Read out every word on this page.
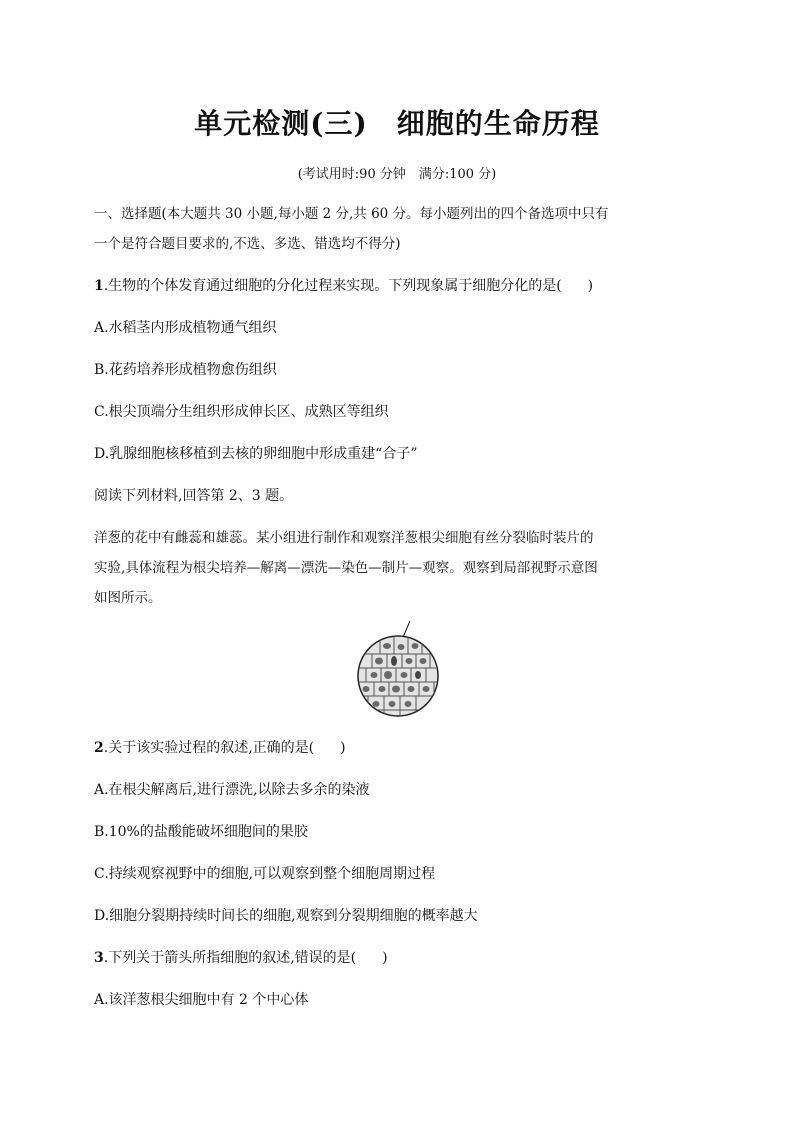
单元检测(三)　细胞的生命历程
(考试用时:90 分钟　满分:100 分)
一、选择题(本大题共 30 小题,每小题 2 分,共 60 分。每小题列出的四个备选项中只有
一个是符合题目要求的,不选、多选、错选均不得分)
1.生物的个体发育通过细胞的分化过程来实现。下列现象属于细胞分化的是( )
A.水稻茎内形成植物通气组织
B.花药培养形成植物愈伤组织
C.根尖顶端分生组织形成伸长区、成熟区等组织
D.乳腺细胞核移植到去核的卵细胞中形成重建“合子”
阅读下列材料,回答第 2、3 题。
洋葱的花中有雌蕊和雄蕊。某小组进行制作和观察洋葱根尖细胞有丝分裂临时装片的
实验,具体流程为根尖培养—解离—漂洗—染色—制片—观察。观察到局部视野示意图
如图所示。
2.关于该实验过程的叙述,正确的是( )
A.在根尖解离后,进行漂洗,以除去多余的染液
B.10%的盐酸能破坏细胞间的果胶
C.持续观察视野中的细胞,可以观察到整个细胞周期过程
D.细胞分裂期持续时间长的细胞,观察到分裂期细胞的概率越大
3.下列关于箭头所指细胞的叙述,错误的是( )
A.该洋葱根尖细胞中有 2 个中心体
